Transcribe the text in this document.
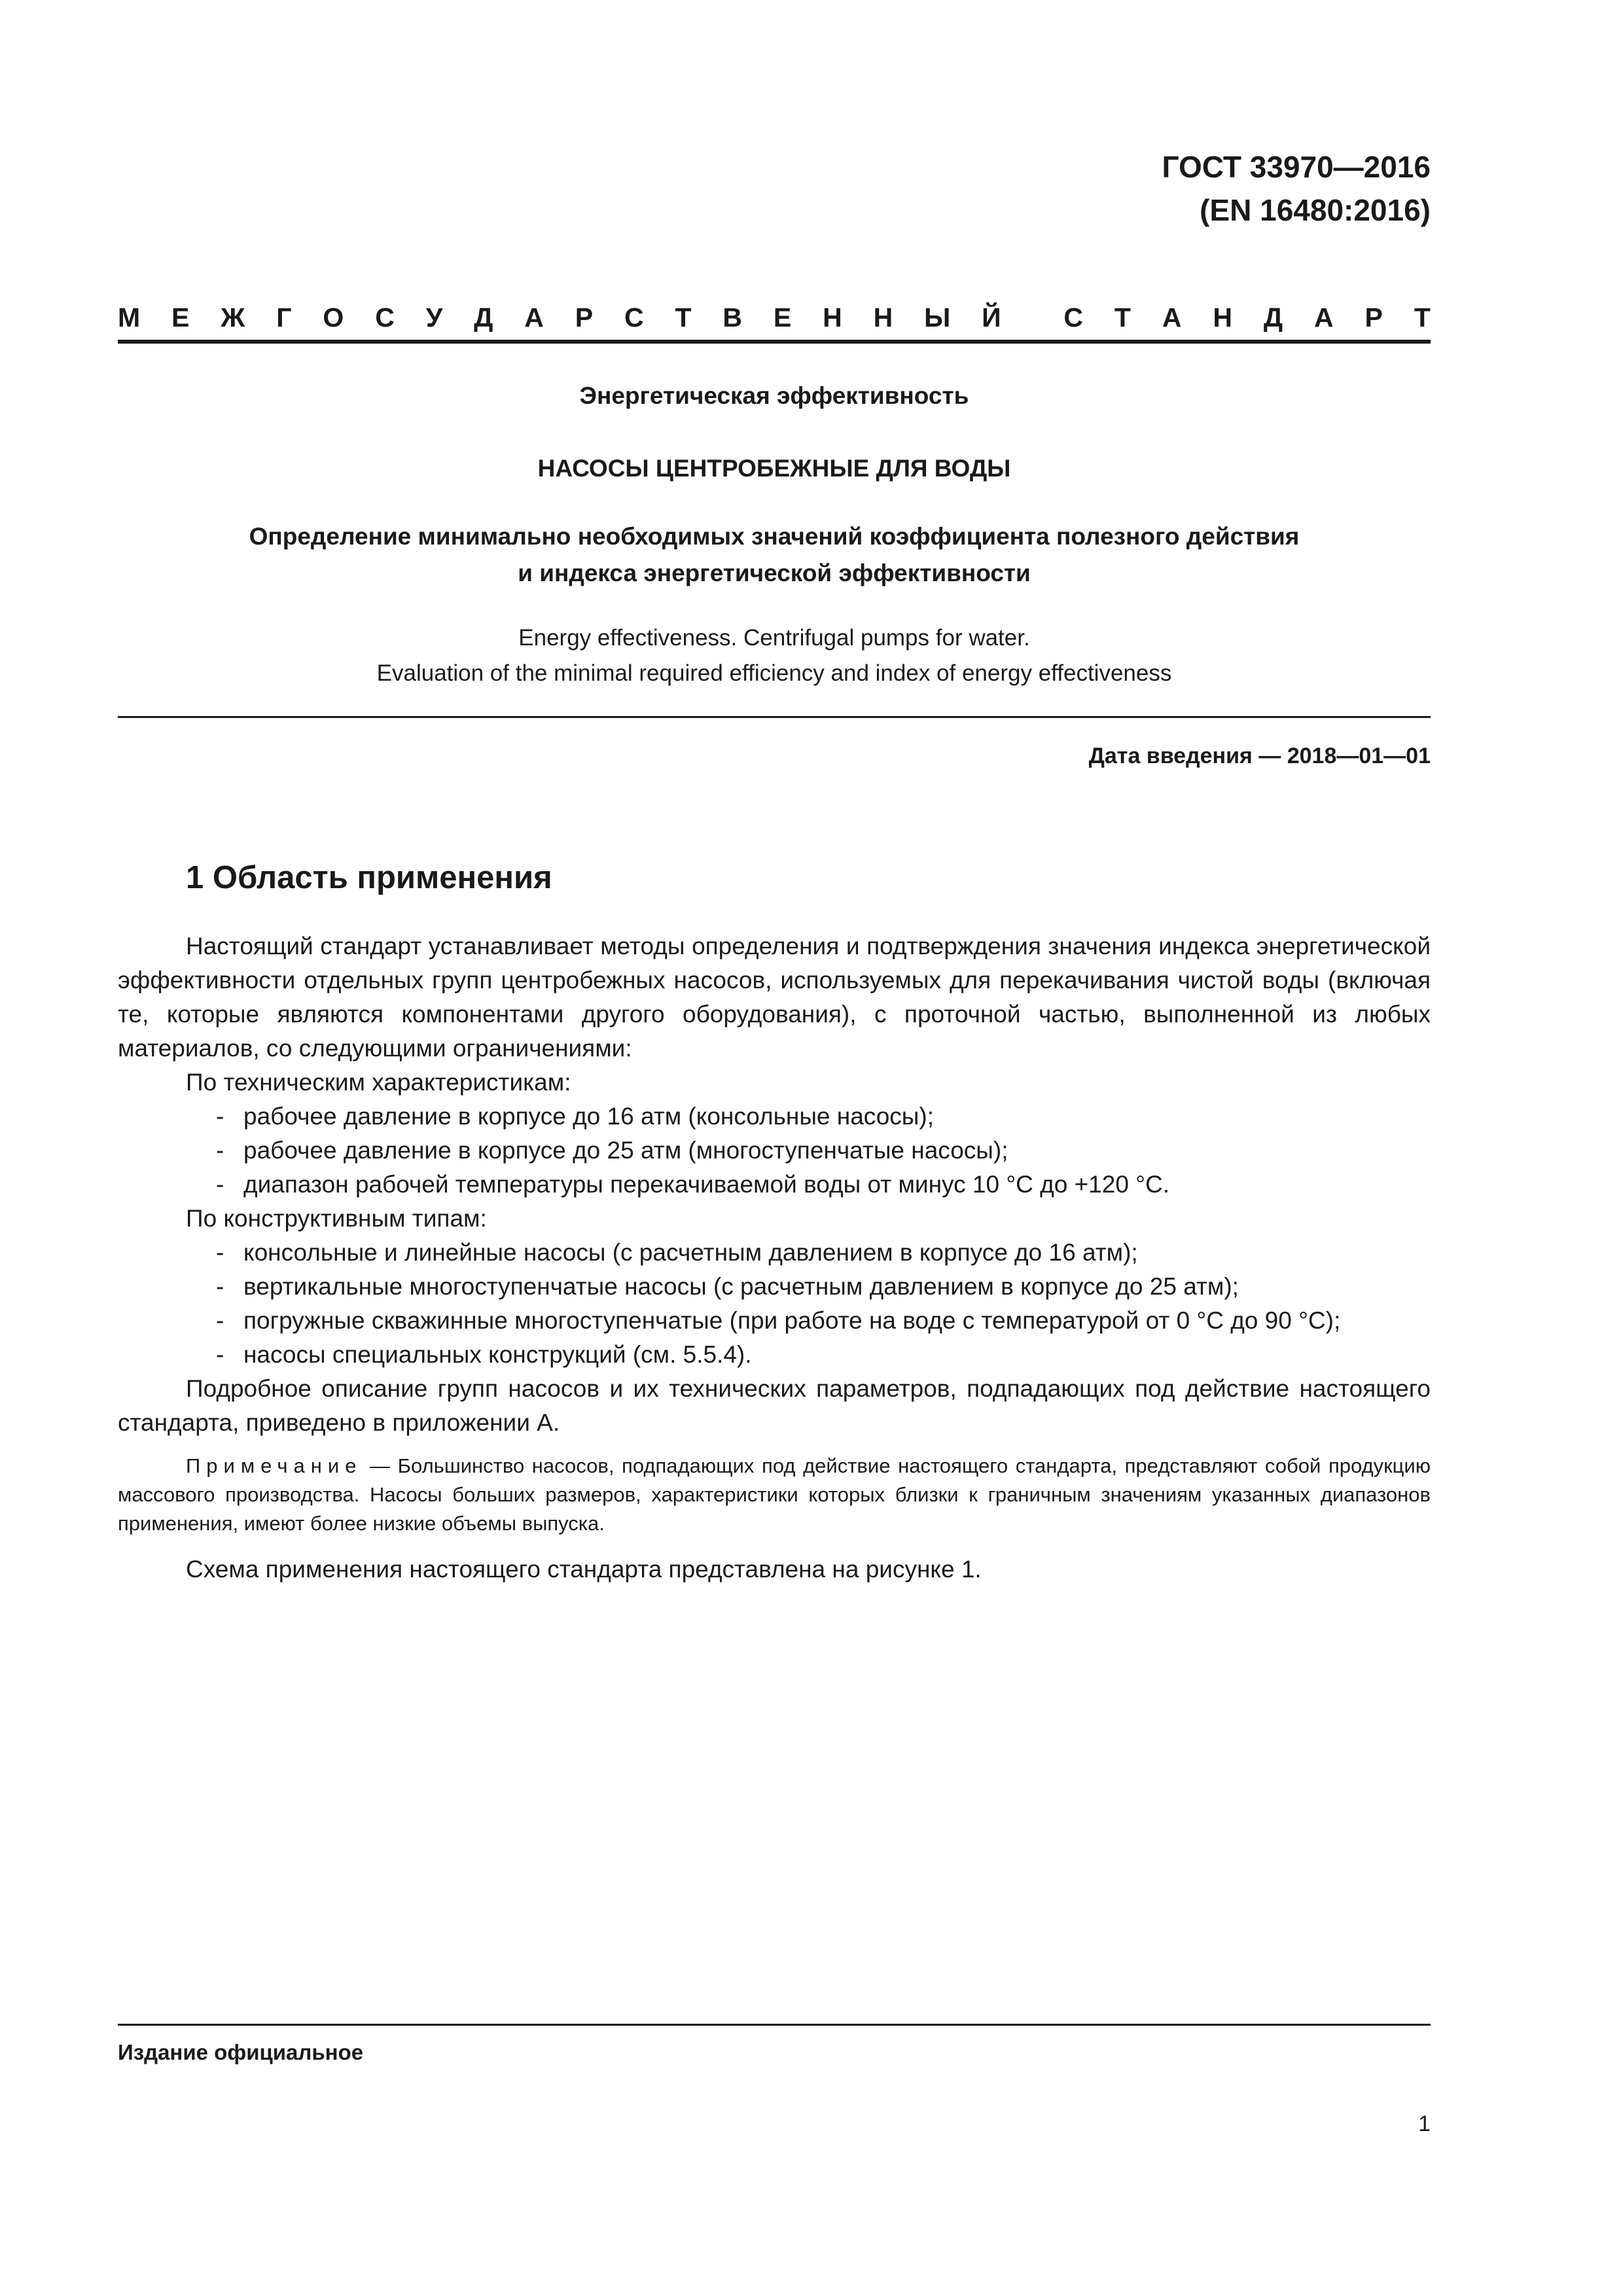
ГОСТ 33970—2016
(EN 16480:2016)
М Е Ж Г О С У Д А Р С Т В Е Н Н Ы Й С Т А Н Д А Р Т
Энергетическая эффективность
НАСОСЫ ЦЕНТРОБЕЖНЫЕ ДЛЯ ВОДЫ
Определение минимально необходимых значений коэффициента полезного действия
и индекса энергетической эффективности
Energy effectiveness. Centrifugal pumps for water.
Evaluation of the minimal required efficiency and index of energy effectiveness
Дата введения — 2018—01—01
1 Область применения

Настоящий стандарт устанавливает методы определения и подтверждения значения индекса энергетической эффективности отдельных групп центробежных насосов, используемых для перекачивания чистой воды (включая те, которые являются компонентами другого оборудования), с проточной частью, выполненной из любых материалов, со следующими ограничениями:

По техническим характеристикам:

- рабочее давление в корпусе до 16 атм (консольные насосы);

- рабочее давление в корпусе до 25 атм (многоступенчатые насосы);

- диапазон рабочей температуры перекачиваемой воды от минус 10 °С до +120 °С.

По конструктивным типам:

- консольные и линейные насосы (с расчетным давлением в корпусе до 16 атм);

- вертикальные многоступенчатые насосы (с расчетным давлением в корпусе до 25 атм);

- погружные скважинные многоступенчатые (при работе на воде с температурой от 0 °С до 90 °С);

- насосы специальных конструкций (см. 5.5.4).

Подробное описание групп насосов и их технических параметров, подпадающих под действие настоящего стандарта, приведено в приложении А.

Примечание — Большинство насосов, подпадающих под действие настоящего стандарта, представляют собой продукцию массового производства. Насосы больших размеров, характеристики которых близки к граничным значениям указанных диапазонов применения, имеют более низкие объемы выпуска.

Схема применения настоящего стандарта представлена на рисунке 1.

Издание официальное
1
